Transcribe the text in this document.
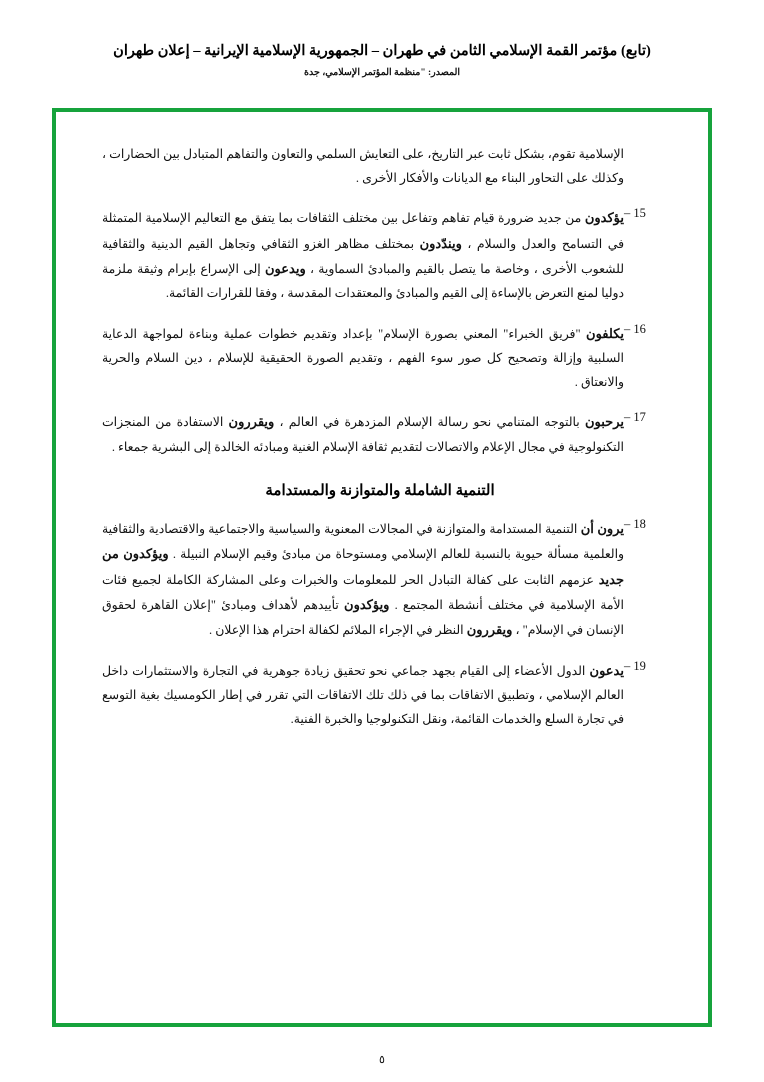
(تابع) مؤتمر القمة الإسلامي الثامن في طهران – الجمهورية الإسلامية الإيرانية – إعلان طهران
المصدر: "منظمة المؤتمر الإسلامي، جدة
الإسلامية تقوم، بشكل ثابت عبر التاريخ، على التعايش السلمي والتعاون والتفاهم المتبادل بين الحضارات ، وكذلك على التحاور البناء مع الديانات والأفكار الأخرى .
15 –
يؤكدون من جديد ضرورة قيام تفاهم وتفاعل بين مختلف الثقافات بما يتفق مع التعاليم الإسلامية المتمثلة في التسامح والعدل والسلام ، ويندّدون بمختلف مظاهر الغزو الثقافي وتجاهل القيم الدينية والثقافية للشعوب الأخرى ، وخاصة ما يتصل بالقيم والمبادئ السماوية ، ويدعون إلى الإسراع بإبرام وثيقة ملزمة دوليا لمنع التعرض بالإساءة إلى القيم والمبادئ والمعتقدات المقدسة ، وفقا للقرارات القائمة.
16 –
يكلفون "فريق الخبراء" المعني بصورة الإسلام" بإعداد وتقديم خطوات عملية وبناءة لمواجهة الدعاية السلبية وإزالة وتصحيح كل صور سوء الفهم ، وتقديم الصورة الحقيقية للإسلام ، دين السلام والحرية والانعتاق .
17 –
يرحبون بالتوجه المتنامي نحو رسالة الإسلام المزدهرة في العالم ، ويقررون الاستفادة من المنجزات التكنولوجية في مجال الإعلام والاتصالات لتقديم ثقافة الإسلام الغنية ومبادئه الخالدة إلى البشرية جمعاء .
التنمية الشاملة والمتوازنة والمستدامة
18 –
يرون أن التنمية المستدامة والمتوازنة في المجالات المعنوية والسياسية والاجتماعية والاقتصادية والثقافية والعلمية مسألة حيوية بالنسبة للعالم الإسلامي ومستوحاة من مبادئ وقيم الإسلام النبيلة . ويؤكدون من جديد عزمهم الثابت على كفالة التبادل الحر للمعلومات والخبرات وعلى المشاركة الكاملة لجميع فئات الأمة الإسلامية في مختلف أنشطة المجتمع . ويؤكدون تأييدهم لأهداف ومبادئ "إعلان القاهرة لحقوق الإنسان في الإسلام" ، ويقررون النظر في الإجراء الملائم لكفالة احترام هذا الإعلان .
19 –
يدعون الدول الأعضاء إلى القيام بجهد جماعي نحو تحقيق زيادة جوهرية في التجارة والاستثمارات داخل العالم الإسلامي ، وتطبيق الاتفاقات بما في ذلك تلك الاتفاقات التي تقرر في إطار الكومسيك بغية التوسع في تجارة السلع والخدمات القائمة، ونقل التكنولوجيا والخبرة الفنية.
٥
